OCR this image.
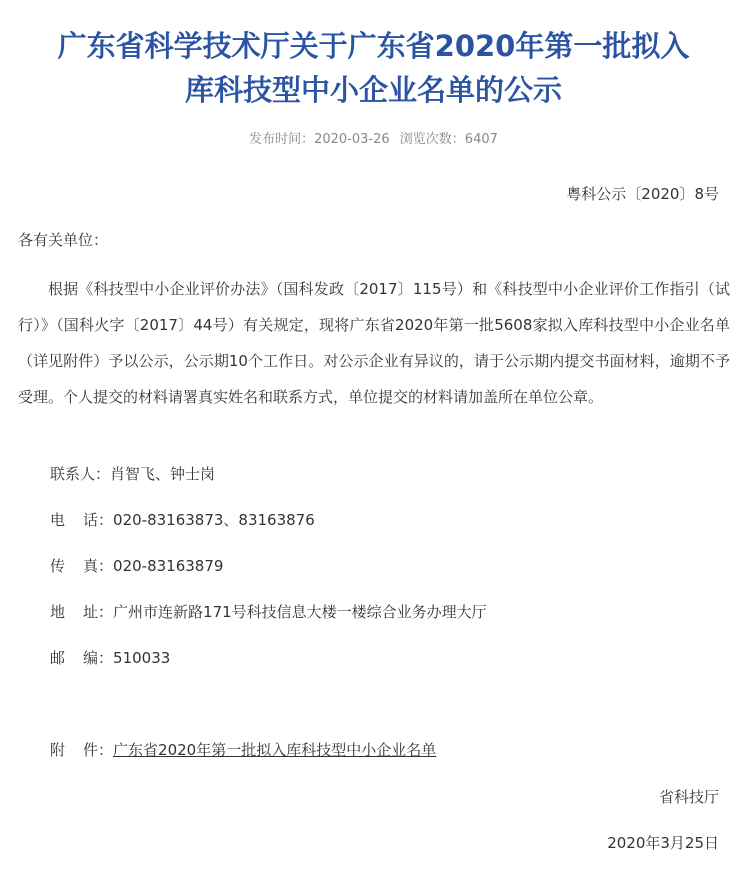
广东省科学技术厅关于广东省2020年第一批拟入
库科技型中小企业名单的公示
发布时间：2020-03-26 浏览次数：6407
粤科公示〔2020〕8号
各有关单位：
根据《科技型中小企业评价办法》（国科发政〔2017〕115号）和《科技型中小企业评价工作指引（试行）》（国科火字〔2017〕44号）有关规定，现将广东省2020年第一批5608家拟入库科技型中小企业名单（详见附件）予以公示，公示期10个工作日。对公示企业有异议的，请于公示期内提交书面材料，逾期不予受理。个人提交的材料请署真实姓名和联系方式，单位提交的材料请加盖所在单位公章。
联系人：肖智飞、钟士岗
电 话：020-83163873、83163876
传 真：020-83163879
地 址：广州市连新路171号科技信息大楼一楼综合业务办理大厅
邮 编：510033
附 件：广东省2020年第一批拟入库科技型中小企业名单
省科技厅
2020年3月25日
